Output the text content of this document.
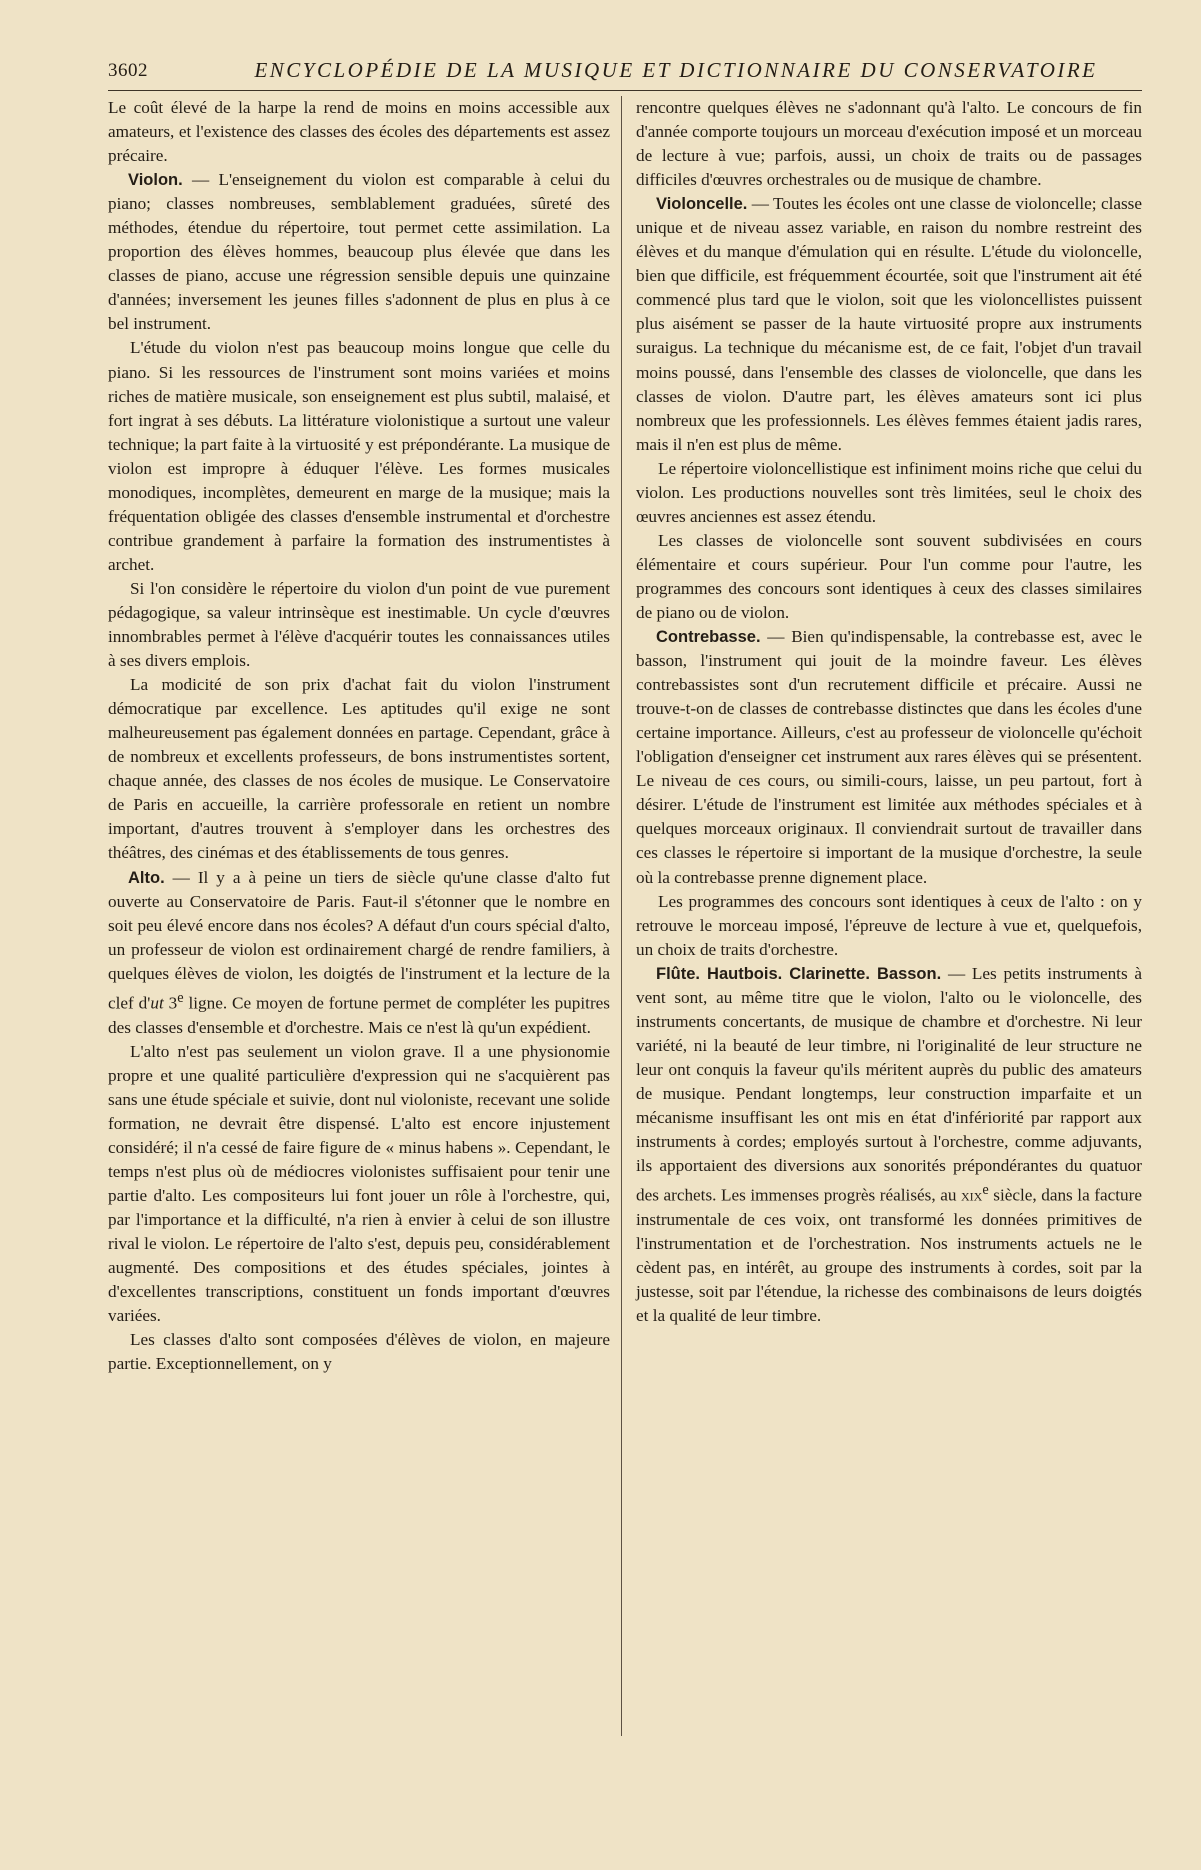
3602	ENCYCLOPÉDIE DE LA MUSIQUE ET DICTIONNAIRE DU CONSERVATOIRE

Le coût élevé de la harpe la rend de moins en moins accessible aux amateurs, et l'existence des classes des écoles des départements est assez précaire.

Violon. — L'enseignement du violon est comparable à celui du piano; classes nombreuses, semblablement graduées, sûreté des méthodes, étendue du répertoire, tout permet cette assimilation. La proportion des élèves hommes, beaucoup plus élevée que dans les classes de piano, accuse une régression sensible depuis une quinzaine d'années; inversement les jeunes filles s'adonnent de plus en plus à ce bel instrument.

L'étude du violon n'est pas beaucoup moins longue que celle du piano. Si les ressources de l'instrument sont moins variées et moins riches de matière musicale, son enseignement est plus subtil, malaisé, et fort ingrat à ses débuts. La littérature violonistique a surtout une valeur technique; la part faite à la virtuosité y est prépondérante. La musique de violon est impropre à éduquer l'élève. Les formes musicales monodiques, incomplètes, demeurent en marge de la musique; mais la fréquentation obligée des classes d'ensemble instrumental et d'orchestre contribue grandement à parfaire la formation des instrumentistes à archet.

Si l'on considère le répertoire du violon d'un point de vue purement pédagogique, sa valeur intrinsèque est inestimable. Un cycle d'œuvres innombrables permet à l'élève d'acquérir toutes les connaissances utiles à ses divers emplois.

La modicité de son prix d'achat fait du violon l'instrument démocratique par excellence. Les aptitudes qu'il exige ne sont malheureusement pas également données en partage. Cependant, grâce à de nombreux et excellents professeurs, de bons instrumentistes sortent, chaque année, des classes de nos écoles de musique. Le Conservatoire de Paris en accueille, la carrière professorale en retient un nombre important, d'autres trouvent à s'employer dans les orchestres des théâtres, des cinémas et des établissements de tous genres.

Alto. — Il y a à peine un tiers de siècle qu'une classe d'alto fut ouverte au Conservatoire de Paris. Faut-il s'étonner que le nombre en soit peu élevé encore dans nos écoles? A défaut d'un cours spécial d'alto, un professeur de violon est ordinairement chargé de rendre familiers, à quelques élèves de violon, les doigtés de l'instrument et la lecture de la clef d'ut 3e ligne. Ce moyen de fortune permet de compléter les pupitres des classes d'ensemble et d'orchestre. Mais ce n'est là qu'un expédient.

L'alto n'est pas seulement un violon grave. Il a une physionomie propre et une qualité particulière d'expression qui ne s'acquièrent pas sans une étude spéciale et suivie, dont nul violoniste, recevant une solide formation, ne devrait être dispensé. L'alto est encore injustement considéré; il n'a cessé de faire figure de « minus habens ». Cependant, le temps n'est plus où de médiocres violonistes suffisaient pour tenir une partie d'alto. Les compositeurs lui font jouer un rôle à l'orchestre, qui, par l'importance et la difficulté, n'a rien à envier à celui de son illustre rival le violon. Le répertoire de l'alto s'est, depuis peu, considérablement augmenté. Des compositions et des études spéciales, jointes à d'excellentes transcriptions, constituent un fonds important d'œuvres variées.

Les classes d'alto sont composées d'élèves de violon, en majeure partie. Exceptionnellement, on y

rencontre quelques élèves ne s'adonnant qu'à l'alto. Le concours de fin d'année comporte toujours un morceau d'exécution imposé et un morceau de lecture à vue; parfois, aussi, un choix de traits ou de passages difficiles d'œuvres orchestrales ou de musique de chambre.

Violoncelle. — Toutes les écoles ont une classe de violoncelle; classe unique et de niveau assez variable, en raison du nombre restreint des élèves et du manque d'émulation qui en résulte. L'étude du violoncelle, bien que difficile, est fréquemment écourtée, soit que l'instrument ait été commencé plus tard que le violon, soit que les violoncellistes puissent plus aisément se passer de la haute virtuosité propre aux instruments suraigus. La technique du mécanisme est, de ce fait, l'objet d'un travail moins poussé, dans l'ensemble des classes de violoncelle, que dans les classes de violon. D'autre part, les élèves amateurs sont ici plus nombreux que les professionnels. Les élèves femmes étaient jadis rares, mais il n'en est plus de même.

Le répertoire violoncellistique est infiniment moins riche que celui du violon. Les productions nouvelles sont très limitées, seul le choix des œuvres anciennes est assez étendu.

Les classes de violoncelle sont souvent subdivisées en cours élémentaire et cours supérieur. Pour l'un comme pour l'autre, les programmes des concours sont identiques à ceux des classes similaires de piano ou de violon.

Contrebasse. — Bien qu'indispensable, la contrebasse est, avec le basson, l'instrument qui jouit de la moindre faveur. Les élèves contrebassistes sont d'un recrutement difficile et précaire. Aussi ne trouve-t-on de classes de contrebasse distinctes que dans les écoles d'une certaine importance. Ailleurs, c'est au professeur de violoncelle qu'échoit l'obligation d'enseigner cet instrument aux rares élèves qui se présentent. Le niveau de ces cours, ou simili-cours, laisse, un peu partout, fort à désirer. L'étude de l'instrument est limitée aux méthodes spéciales et à quelques morceaux originaux. Il conviendrait surtout de travailler dans ces classes le répertoire si important de la musique d'orchestre, la seule où la contrebasse prenne dignement place.

Les programmes des concours sont identiques à ceux de l'alto : on y retrouve le morceau imposé, l'épreuve de lecture à vue et, quelquefois, un choix de traits d'orchestre.

Flûte. Hautbois. Clarinette. Basson. — Les petits instruments à vent sont, au même titre que le violon, l'alto ou le violoncelle, des instruments concertants, de musique de chambre et d'orchestre. Ni leur variété, ni la beauté de leur timbre, ni l'originalité de leur structure ne leur ont conquis la faveur qu'ils méritent auprès du public des amateurs de musique. Pendant longtemps, leur construction imparfaite et un mécanisme insuffisant les ont mis en état d'infériorité par rapport aux instruments à cordes; employés surtout à l'orchestre, comme adjuvants, ils apportaient des diversions aux sonorités prépondérantes du quatuor des archets. Les immenses progrès réalisés, au xix$^e$ siècle, dans la facture instrumentale de ces voix, ont transformé les données primitives de l'instrumentation et de l'orchestration. Nos instruments actuels ne le cèdent pas, en intérêt, au groupe des instruments à cordes, soit par la justesse, soit par l'étendue, la richesse des combinaisons de leurs doigtés et la qualité de leur timbre.
